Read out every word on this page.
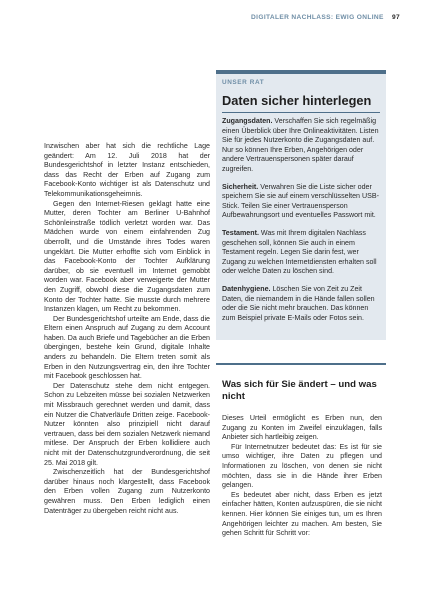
DIGITALER NACHLASS: EWIG ONLINE 97

Inzwischen aber hat sich die rechtliche Lage geändert: Am 12. Juli 2018 hat der Bundesgerichtshof in letzter Instanz entschieden, dass das Recht der Erben auf Zugang zum Facebook-Konto wichtiger ist als Datenschutz und Telekommunikationsgeheimnis.

Gegen den Internet-Riesen geklagt hatte eine Mutter, deren Tochter am Berliner U-Bahnhof Schönleinstraße tödlich verletzt worden war. Das Mädchen wurde von einem einfahrenden Zug überrollt, und die Umstände ihres Todes waren ungeklärt. Die Mutter erhoffte sich vom Einblick in das Facebook-Konto der Tochter Aufklärung darüber, ob sie eventuell im Internet gemobbt worden war. Facebook aber verweigerte der Mutter den Zugriff, obwohl diese die Zugangsdaten zum Konto der Tochter hatte. Sie musste durch mehrere Instanzen klagen, um Recht zu bekommen.

Der Bundesgerichtshof urteilte am Ende, dass die Eltern einen Anspruch auf Zugang zu dem Account haben. Da auch Briefe und Tagebücher an die Erben übergingen, bestehe kein Grund, digitale Inhalte anders zu behandeln. Die Eltern treten somit als Erben in den Nutzungsvertrag ein, den ihre Tochter mit Facebook geschlossen hat.

Der Datenschutz stehe dem nicht entgegen. Schon zu Lebzeiten müsse bei sozialen Netzwerken mit Missbrauch gerechnet werden und damit, dass ein Nutzer die Chatverläufe Dritten zeige. Facebook-Nutzer könnten also prinzipiell nicht darauf vertrauen, dass bei dem sozialen Netzwerk niemand mitlese. Der Anspruch der Erben kollidiere auch nicht mit der Datenschutzgrundverordnung, die seit 25. Mai 2018 gilt.

Zwischenzeitlich hat der Bundesgerichtshof darüber hinaus noch klargestellt, dass Facebook den Erben vollen Zugang zum Nutzerkonto gewähren muss. Den Erben lediglich einen Datenträger zu übergeben reicht nicht aus.

UNSER RAT
Daten sicher hinterlegen

Zugangsdaten. Verschaffen Sie sich regelmäßig einen Überblick über Ihre Onlineaktivitäten. Listen Sie für jedes Nutzerkonto die Zugangsdaten auf. Nur so können Ihre Erben, Angehörigen oder andere Vertrauenspersonen später darauf zugreifen.

Sicherheit. Verwahren Sie die Liste sicher oder speichern Sie sie auf einem verschlüsselten USB-Stick. Teilen Sie einer Vertrauensperson Aufbewahrungsort und eventuelles Passwort mit.

Testament. Was mit Ihrem digitalen Nachlass geschehen soll, können Sie auch in einem Testament regeln. Legen Sie darin fest, wer Zugang zu welchen Internetdiensten erhalten soll oder welche Daten zu löschen sind.

Datenhygiene. Löschen Sie von Zeit zu Zeit Daten, die niemandem in die Hände fallen sollen oder die Sie nicht mehr brauchen. Das können zum Beispiel private E-Mails oder Fotos sein.

Was sich für Sie ändert – und was nicht

Dieses Urteil ermöglicht es Erben nun, den Zugang zu Konten im Zweifel einzuklagen, falls Anbieter sich hartleibig zeigen.

Für Internetnutzer bedeutet das: Es ist für sie umso wichtiger, ihre Daten zu pflegen und Informationen zu löschen, von denen sie nicht möchten, dass sie in die Hände ihrer Erben gelangen.

Es bedeutet aber nicht, dass Erben es jetzt einfacher hätten, Konten aufzuspüren, die sie nicht kennen. Hier können Sie einiges tun, um es Ihren Angehörigen leichter zu machen. Am besten, Sie gehen Schritt für Schritt vor:
